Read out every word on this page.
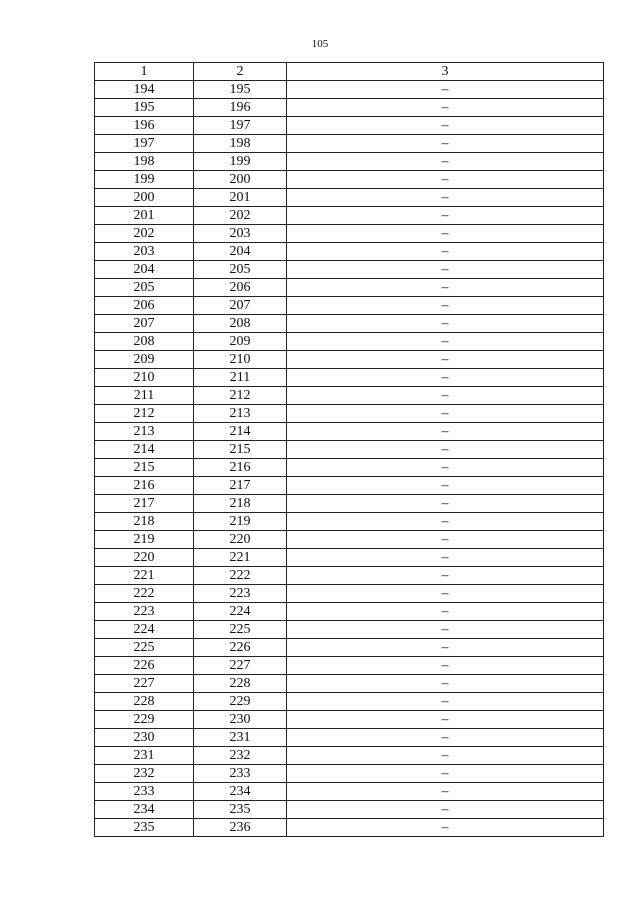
105
1	2	3
194	195	–
195	196	–
196	197	–
197	198	–
198	199	–
199	200	–
200	201	–
201	202	–
202	203	–
203	204	–
204	205	–
205	206	–
206	207	–
207	208	–
208	209	–
209	210	–
210	211	–
211	212	–
212	213	–
213	214	–
214	215	–
215	216	–
216	217	–
217	218	–
218	219	–
219	220	–
220	221	–
221	222	–
222	223	–
223	224	–
224	225	–
225	226	–
226	227	–
227	228	–
228	229	–
229	230	–
230	231	–
231	232	–
232	233	–
233	234	–
234	235	–
235	236	–
